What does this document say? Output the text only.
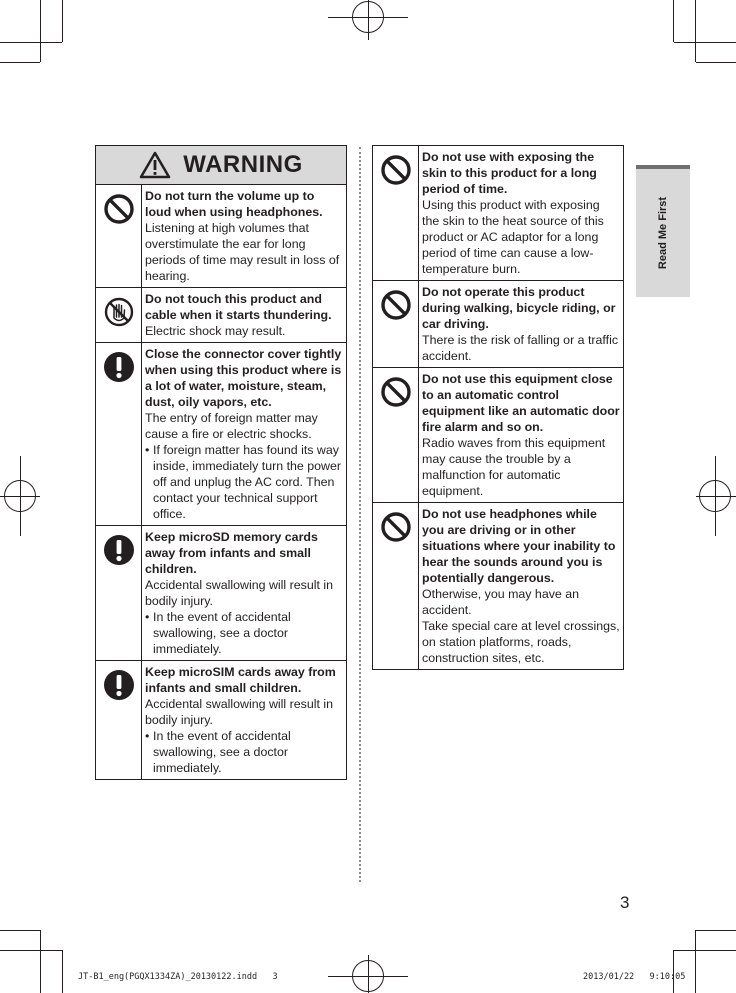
WARNING
Do not turn the volume up to loud when using headphones.
Listening at high volumes that overstimulate the ear for long periods of time may result in loss of hearing.
Do not touch this product and cable when it starts thundering.
Electric shock may result.
Close the connector cover tightly when using this product where is a lot of water, moisture, steam, dust, oily vapors, etc.
The entry of foreign matter may cause a fire or electric shocks.
• If foreign matter has found its way inside, immediately turn the power off and unplug the AC cord. Then contact your technical support office.
Keep microSD memory cards away from infants and small children.
Accidental swallowing will result in bodily injury.
• In the event of accidental swallowing, see a doctor immediately.
Keep microSIM cards away from infants and small children.
Accidental swallowing will result in bodily injury.
• In the event of accidental swallowing, see a doctor immediately.
Do not use with exposing the skin to this product for a long period of time.
Using this product with exposing the skin to the heat source of this product or AC adaptor for a long period of time can cause a low-temperature burn.
Do not operate this product during walking, bicycle riding, or car driving.
There is the risk of falling or a traffic accident.
Do not use this equipment close to an automatic control equipment like an automatic door fire alarm and so on.
Radio waves from this equipment may cause the trouble by a malfunction for automatic equipment.
Do not use headphones while you are driving or in other situations where your inability to hear the sounds around you is potentially dangerous.
Otherwise, you may have an accident.
Take special care at level crossings, on station platforms, roads, construction sites, etc.
Read Me First
3
JT-B1_eng(PGQX1334ZA)_20130122.indd   3	2013/01/22   9:10:05
